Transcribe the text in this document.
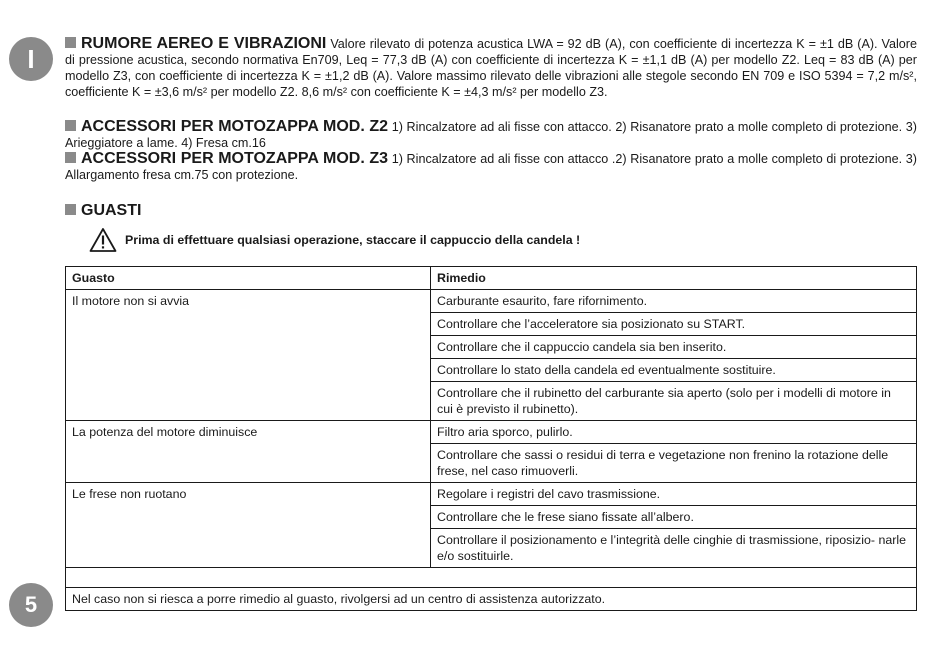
I
5

RUMORE AEREO E VIBRAZIONI Valore rilevato di potenza acustica LWA = 92 dB (A), con coefficiente di incertezza K = ±1 dB (A). Valore di pressione acustica, secondo normativa En709, Leq = 77,3 dB (A) con coefficiente di incertezza K = ±1,1 dB (A) per modello Z2. Leq = 83 dB (A) per modello Z3, con coefficiente di incertezza K = ±1,2 dB (A). Valore massimo rilevato delle vibrazioni alle stegole secondo EN 709 e ISO 5394 = 7,2 m/s², coefficiente K = ±3,6 m/s² per modello Z2. 8,6 m/s² con coefficiente K = ±4,3 m/s² per modello Z3.

ACCESSORI PER MOTOZAPPA MOD. Z2 1) Rincalzatore ad ali fisse con attacco. 2) Risanatore prato a molle completo di protezione. 3) Arieggiatore a lame. 4) Fresa cm.16

ACCESSORI PER MOTOZAPPA MOD. Z3 1) Rincalzatore ad ali fisse con attacco .2) Risanatore prato a molle completo di protezione. 3) Allargamento fresa cm.75 con protezione.

GUASTI
Prima di effettuare qualsiasi operazione, staccare il cappuccio della candela !
Guasto	Rimedio
Il motore non si avvia	Carburante esaurito, fare rifornimento.
	Controllare che l’acceleratore sia posizionato su START.
	Controllare che il cappuccio candela sia ben inserito.
	Controllare lo stato della candela ed eventualmente sostituire.
	Controllare che il rubinetto del carburante sia aperto (solo per i modelli di motore in cui è previsto il rubinetto).
La potenza del motore diminuisce	Filtro aria sporco, pulirlo.
	Controllare che sassi o residui di terra e vegetazione non frenino la rotazione delle frese, nel caso rimuoverli.
Le frese non ruotano	Regolare i registri del cavo trasmissione.
	Controllare che le frese siano fissate all’albero.
	Controllare il posizionamento e l’integrità delle cinghie di trasmissione, riposizio- narle e/o sostituirle.

Nel caso non si riesca a porre rimedio al guasto, rivolgersi ad un centro di assistenza autorizzato.	
